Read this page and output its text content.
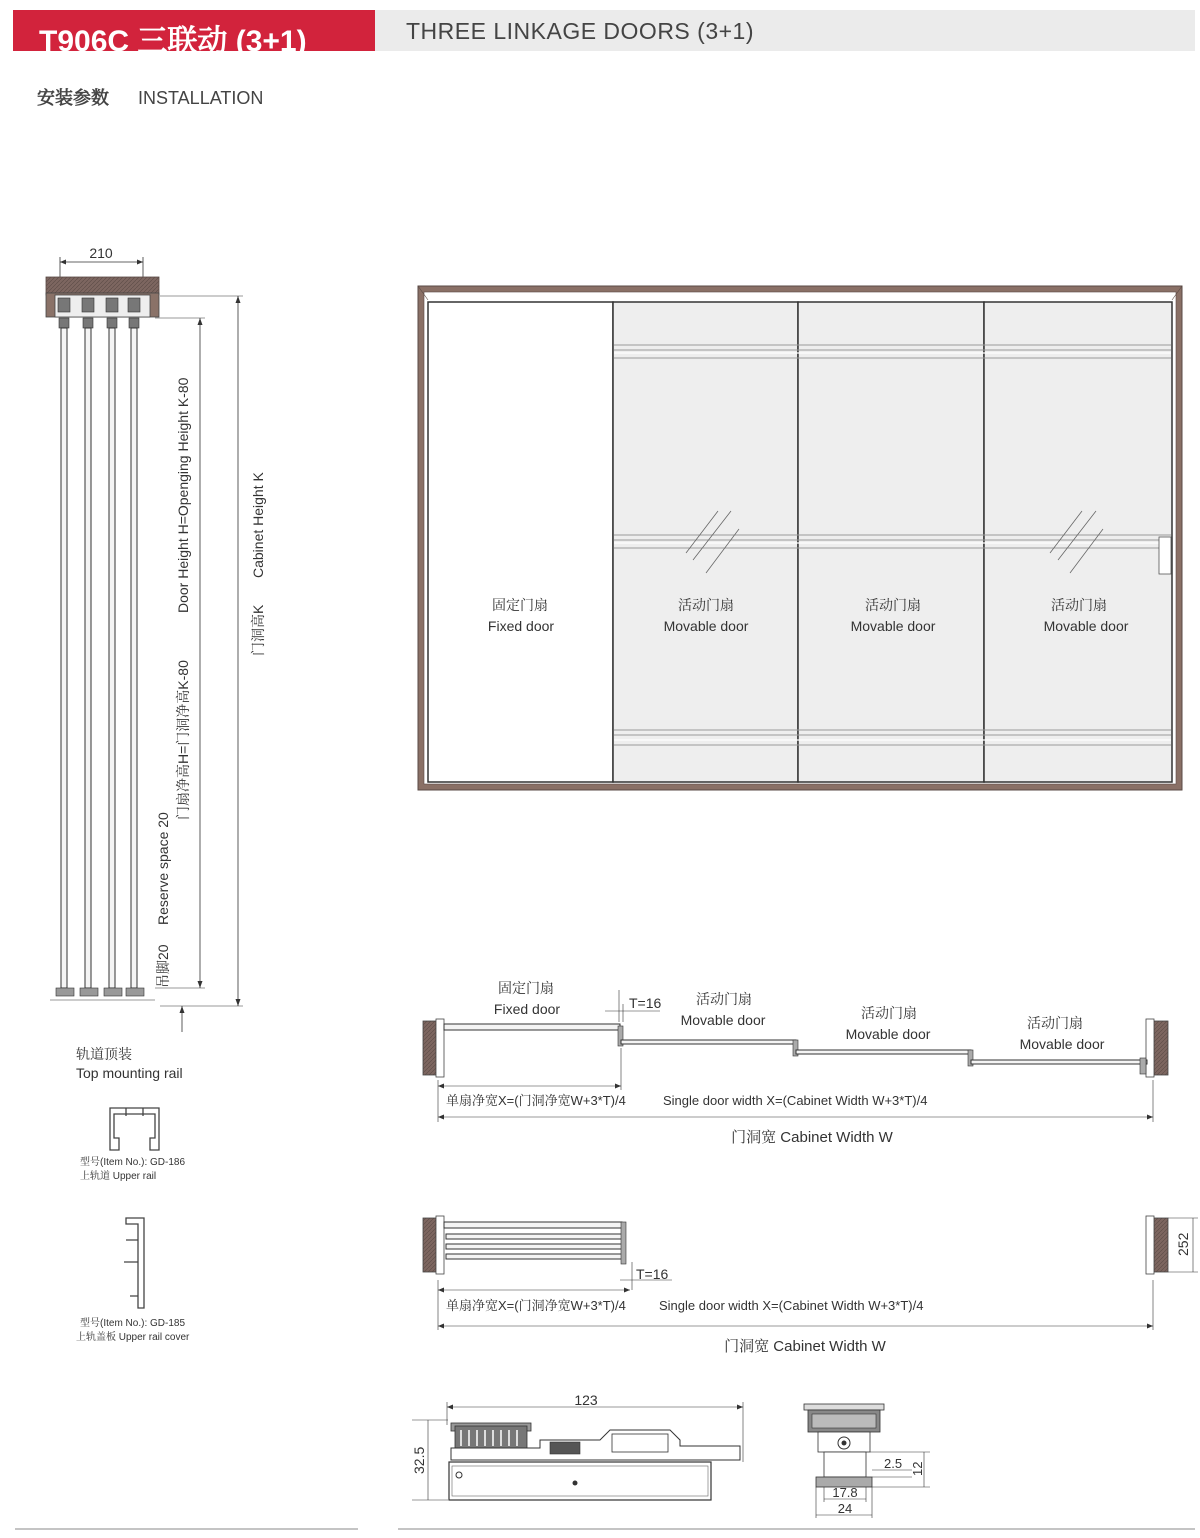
T906C 三联动 (3+1)	THREE LINKAGE DOORS (3+1)
安装参数 INSTALLATION
210
Door Height H=Openging Height K-80
门扇净高H=门洞净高K-80
Cabinet Height K
门洞高K
Reserve space 20
吊脚20
轨道顶装
Top mounting rail
型号(Item No.): GD-186
上轨道 Upper rail
型号(Item No.): GD-185
上轨盖板 Upper rail cover
固定门扇
Fixed door
活动门扇
Movable door
活动门扇
Movable door
活动门扇
Movable door
T=16
固定门扇
Fixed door
活动门扇
Movable door	活动门扇
Movable door
活动门扇
Movable door
单扇净宽X=(门洞净宽W+3*T)/4	Single door width X=(Cabinet Width W+3*T)/4
门洞宽 Cabinet Width W
T=16
252
单扇净宽X=(门洞净宽W+3*T)/4	Single door width X=(Cabinet Width W+3*T)/4
门洞宽 Cabinet Width W
123
32.5	12
2.5
17.8
24
